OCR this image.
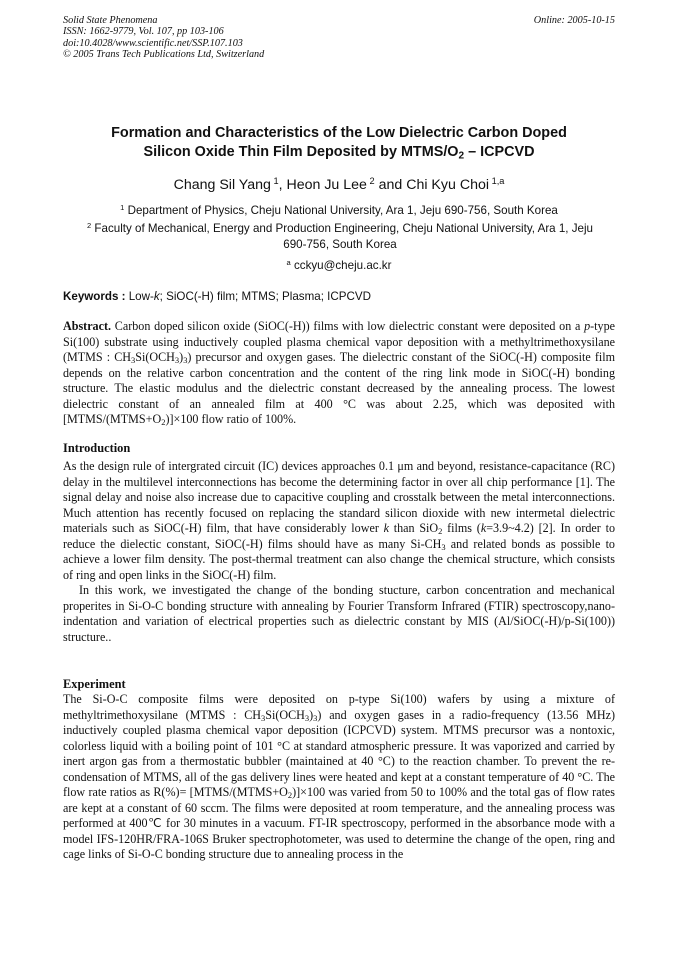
Solid State Phenomena
ISSN: 1662-9779, Vol. 107, pp 103-106
doi:10.4028/www.scientific.net/SSP.107.103
© 2005 Trans Tech Publications Ltd, Switzerland
Online: 2005-10-15
Formation and Characteristics of the Low Dielectric Carbon Doped
Silicon Oxide Thin Film Deposited by MTMS/$O_2$ – ICPCVD
Chang Sil Yang $^1$, Heon Ju Lee $^2$ and Chi Kyu Choi $^{1,a}$
$^1$ Department of Physics, Cheju National University, Ara 1, Jeju 690-756, South Korea
$^2$ Faculty of Mechanical, Energy and Production Engineering, Cheju National University, Ara 1, Jeju 690-756, South Korea
$^a$ cckyu@cheju.ac.kr
Keywords : Low-k; SiOC(-H) film; MTMS; Plasma; ICPCVD
Abstract. Carbon doped silicon oxide (SiOC(-H)) films with low dielectric constant were deposited on a p-type Si(100) substrate using inductively coupled plasma chemical vapor deposition with a methyltrimethoxysilane (MTMS : $CH_3Si(OCH_3)_3$) precursor and oxygen gases. The dielectric constant of the SiOC(-H) composite film depends on the relative carbon concentration and the content of the ring link mode in SiOC(-H) bonding structure. The elastic modulus and the dielectric constant decreased by the annealing process. The lowest dielectric constant of an annealed film at 400 °C was about 2.25, which was deposited with $[MTMS/(MTMS+O_2)]\times 100$ flow ratio of 100%.
Introduction

As the design rule of intergrated circuit (IC) devices approaches 0.1 μm and beyond, resistance-capacitance (RC) delay in the multilevel interconnections has become the determining factor in over all chip performance [1]. The signal delay and noise also increase due to capacitive coupling and crosstalk between the metal interconnections. Much attention has recently focused on replacing the standard silicon dioxide with new intermetal dielectric materials such as SiOC(-H) film, that have considerably lower k than SiO$_2$ films (k=3.9~4.2) [2]. In order to reduce the dielectic constant, SiOC(-H) films should have as many $Si-CH_3$ and related bonds as possible to achieve a lower film density. The post-thermal treatment can also change the chemical structure, which consists of ring and open links in the SiOC(-H) film.

In this work, we investigated the change of the bonding stucture, carbon concentration and mechanical properites in Si-O-C bonding structure with annealing by Fourier Transform Infrared (FTIR) spectroscopy,nano-indentation and variation of electrical properties such as dielectric constant by MIS (Al/SiOC(-H)/p-Si(100)) structure..

Experiment

The Si-O-C composite films were deposited on p-type Si(100) wafers by using a mixture of methyltrimethoxysilane (MTMS : $CH_3Si(OCH_3)_3$) and oxygen gases in a radio-frequency (13.56 MHz) inductively coupled plasma chemical vapor deposition (ICPCVD) system. MTMS precursor was a nontoxic, colorless liquid with a boiling point of 101 °C at standard atmospheric pressure. It was vaporized and carried by inert argon gas from a thermostatic bubbler (maintained at 40 °C) to the reaction chamber. To prevent the re-condensation of MTMS, all of the gas delivery lines were heated and kept at a constant temperature of 40 °C. The flow rate ratios as $R(\%)= [MTMS/(MTMS+O_2)]\times 100$ was varied from 50 to 100% and the total gas of flow rates are kept at a constant of 60 sccm. The films were deposited at room temperature, and the annealing process was performed at 400℃ for 30 minutes in a vacuum. FT-IR spectroscopy, performed in the absorbance mode with a model IFS-120HR/FRA-106S Bruker spectrophotometer, was used to determine the change of the open, ring and cage links of Si-O-C bonding structure due to annealing process in the
